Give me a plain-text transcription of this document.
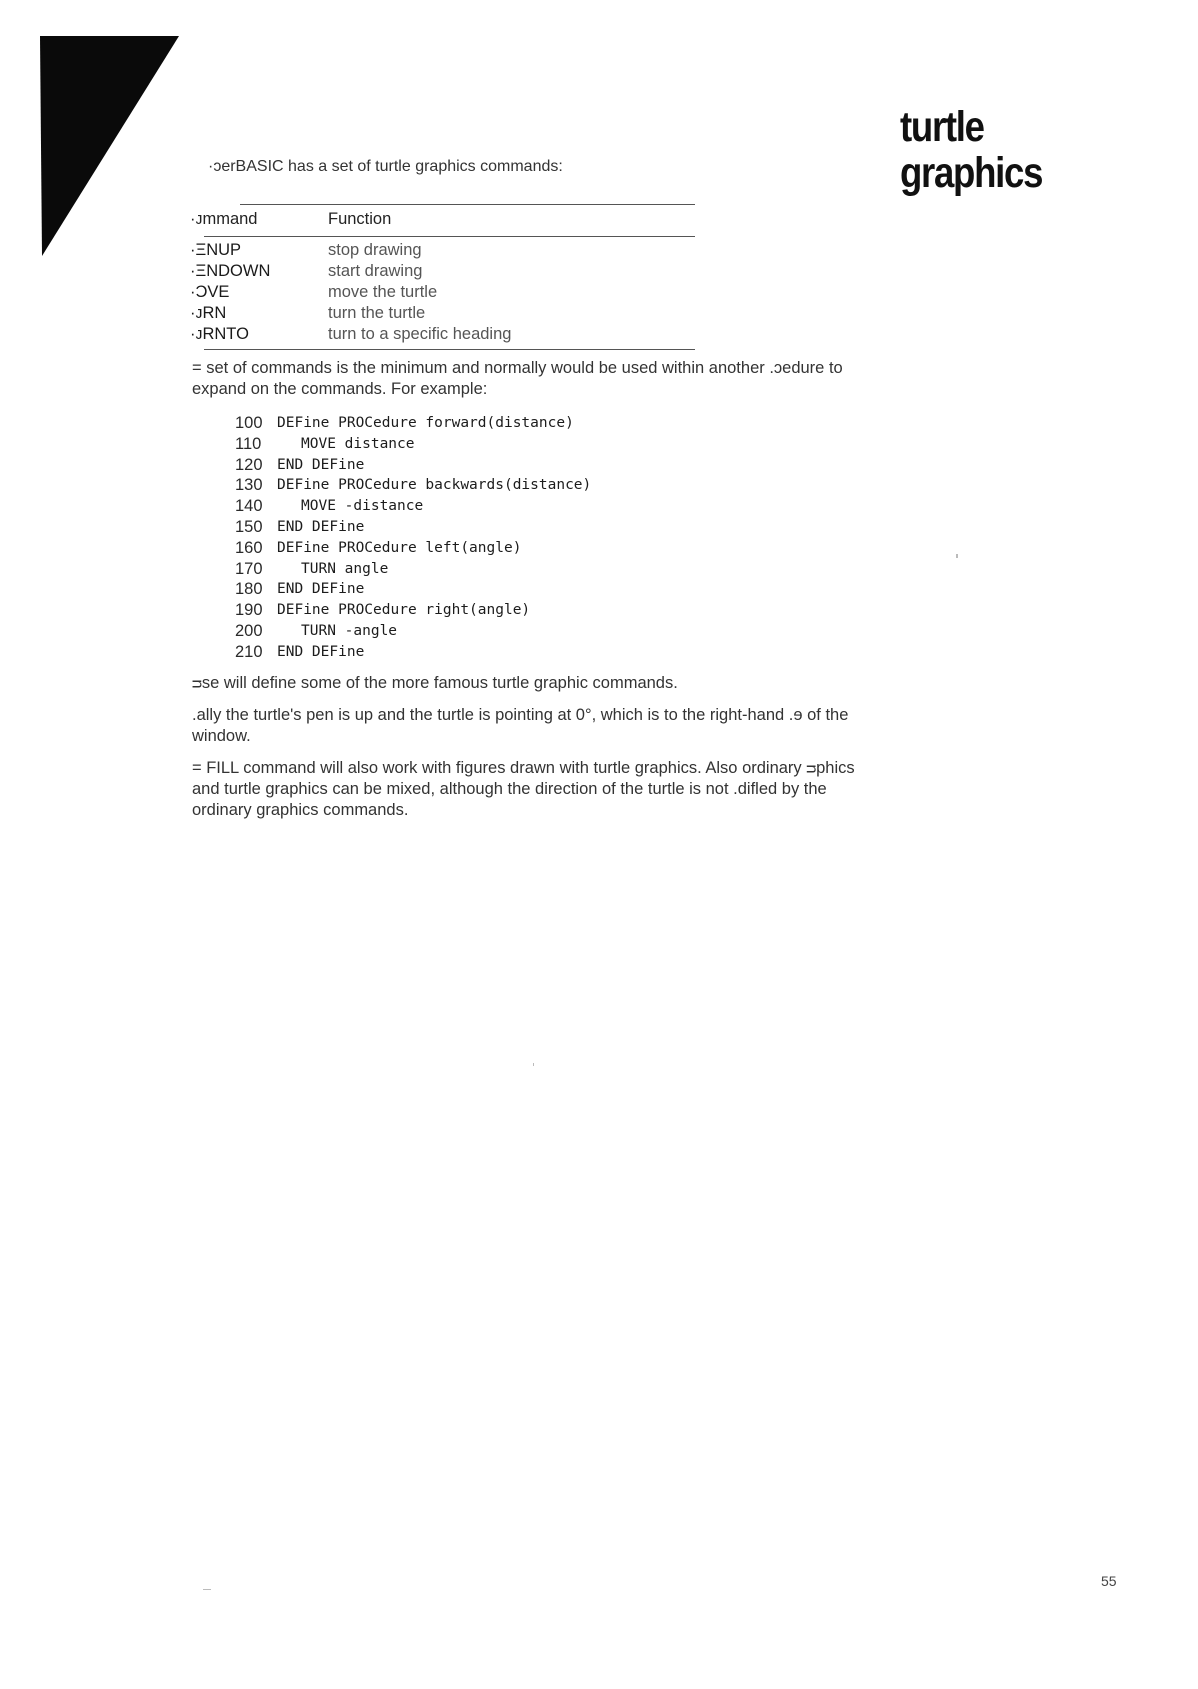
turtle
graphics
·ɔerBASIC has a set of turtle graphics commands:
·ᴊmmand	Function
·ΞNUP	stop drawing
·ΞNDOWN	start drawing
·ƆVE	move the turtle
·ᴊRN	turn the turtle
·ᴊRNTO	turn to a specific heading
= set of commands is the minimum and normally would be used within another .ɔedure to expand on the commands. For example:
100 DEFine PROCedure forward(distance)
110	MOVE distance
120 END DEFine
130 DEFine PROCedure backwards(distance)
140	MOVE -distance
150 END DEFine
160 DEFine PROCedure left(angle)
170	TURN angle
180 END DEFine
190 DEFine PROCedure right(angle)
200	TURN -angle
210 END DEFine
ᴝse will define some of the more famous turtle graphic commands.
.ally the turtle's pen is up and the turtle is pointing at 0°, which is to the right-hand .ɘ of the window.
= FILL command will also work with figures drawn with turtle graphics. Also ordinary ᴝphics and turtle graphics can be mixed, although the direction of the turtle is not .difled by the ordinary graphics commands.
55
